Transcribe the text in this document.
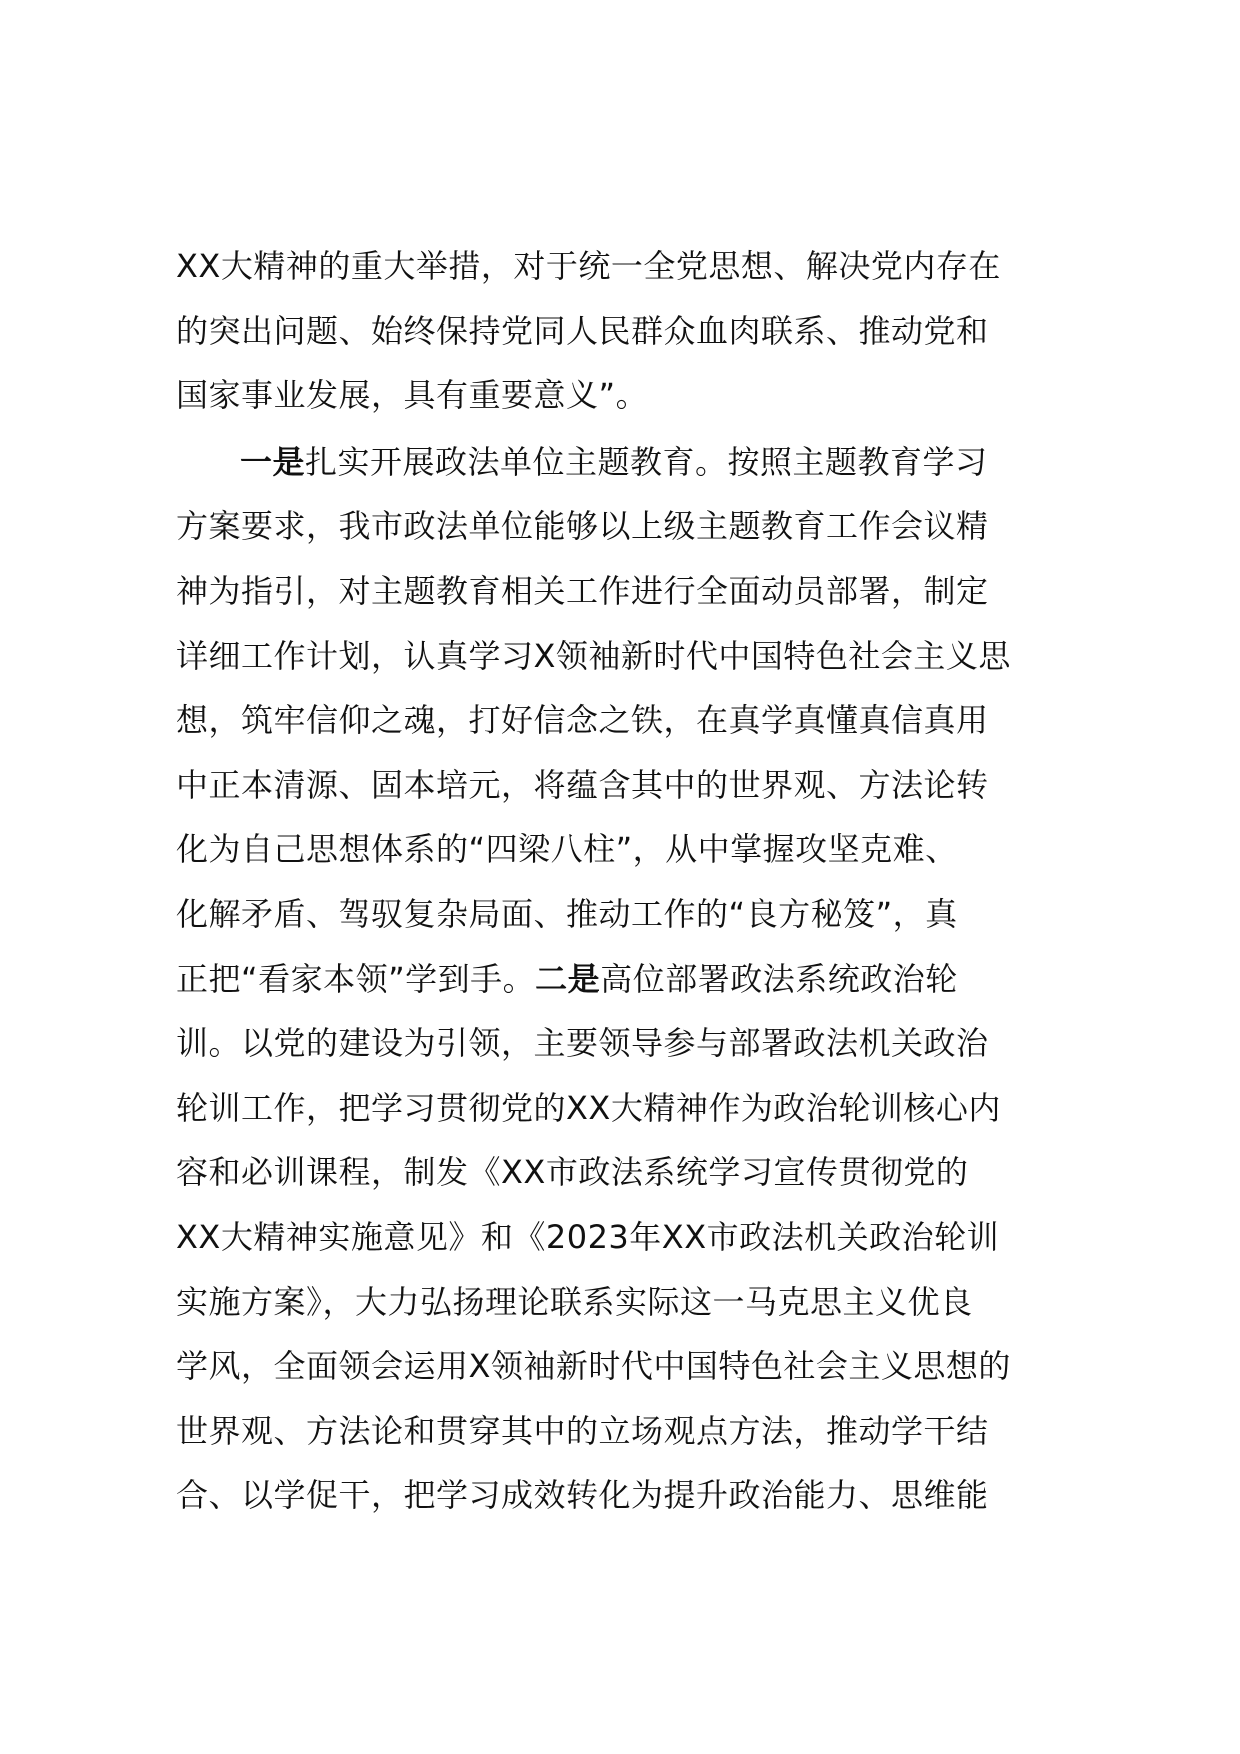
XX大精神的重大举措，对于统一全党思想、解决党内存在
的突出问题、始终保持党同人民群众血肉联系、推动党和
国家事业发展，具有重要意义”。
一是扎实开展政法单位主题教育。按照主题教育学习
方案要求，我市政法单位能够以上级主题教育工作会议精
神为指引，对主题教育相关工作进行全面动员部署，制定
详细工作计划，认真学习X领袖新时代中国特色社会主义思
想，筑牢信仰之魂，打好信念之铁，在真学真懂真信真用
中正本清源、固本培元，将蕴含其中的世界观、方法论转
化为自己思想体系的“四梁八柱”，从中掌握攻坚克难、
化解矛盾、驾驭复杂局面、推动工作的“良方秘笈”，真
正把“看家本领”学到手。二是高位部署政法系统政治轮
训。以党的建设为引领，主要领导参与部署政法机关政治
轮训工作，把学习贯彻党的XX大精神作为政治轮训核心内
容和必训课程，制发《XX市政法系统学习宣传贯彻党的
XX大精神实施意见》和《2023年XX市政法机关政治轮训
实施方案》，大力弘扬理论联系实际这一马克思主义优良
学风，全面领会运用X领袖新时代中国特色社会主义思想的
世界观、方法论和贯穿其中的立场观点方法，推动学干结
合、以学促干，把学习成效转化为提升政治能力、思维能
